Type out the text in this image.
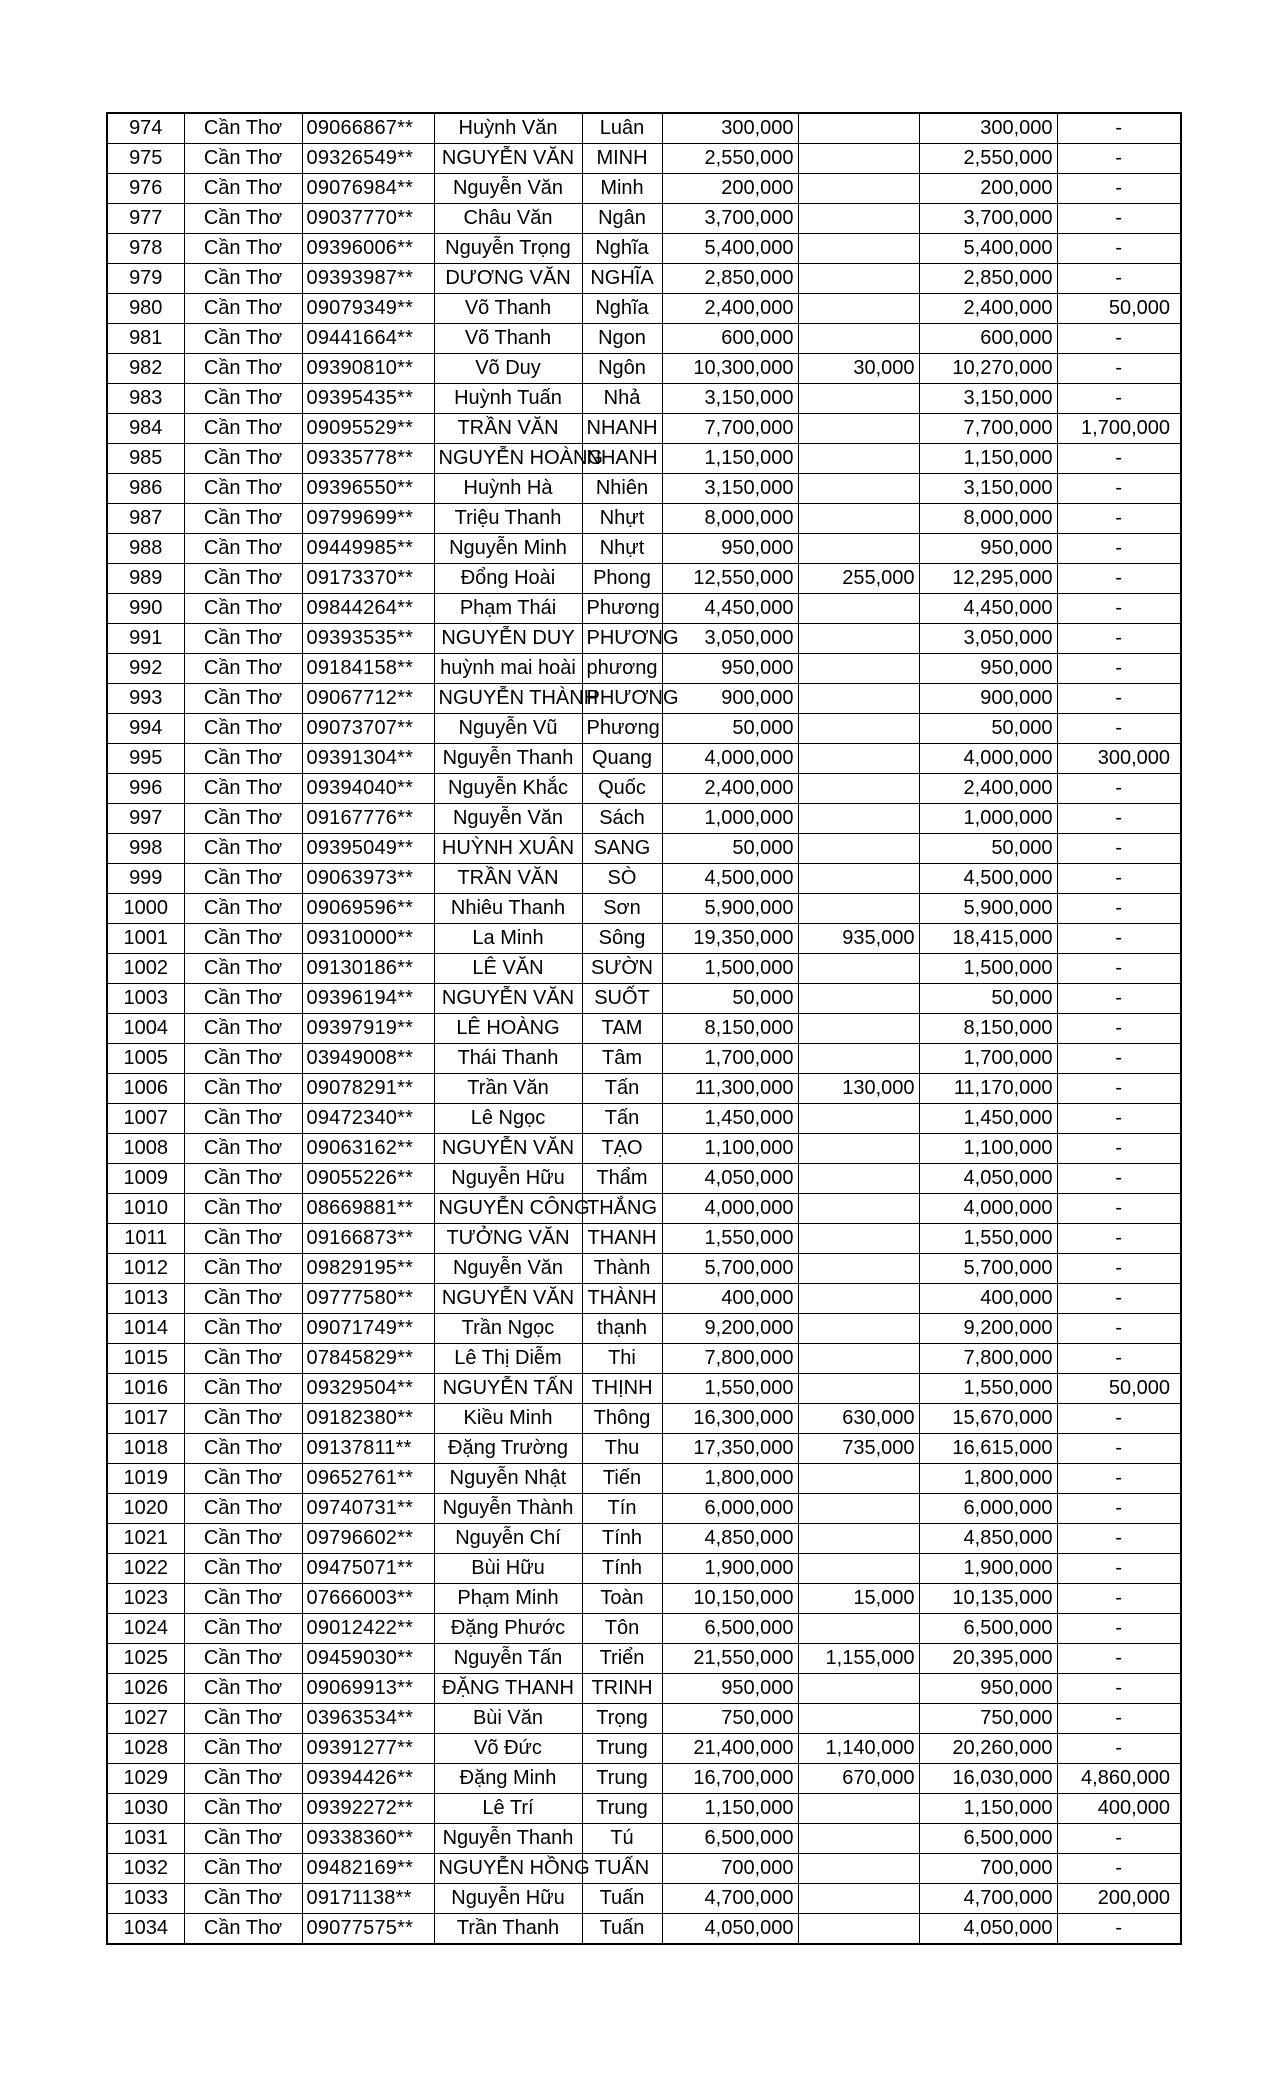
974	Cần Thơ	09066867**	Huỳnh Văn	Luân	300,000		300,000	-
975	Cần Thơ	09326549**	NGUYỄN VĂN	MINH	2,550,000		2,550,000	-
976	Cần Thơ	09076984**	Nguyễn Văn	Minh	200,000		200,000	-
977	Cần Thơ	09037770**	Châu Văn	Ngân	3,700,000		3,700,000	-
978	Cần Thơ	09396006**	Nguyễn Trọng	Nghĩa	5,400,000		5,400,000	-
979	Cần Thơ	09393987**	DƯƠNG VĂN	NGHĨA	2,850,000		2,850,000	-
980	Cần Thơ	09079349**	Võ Thanh	Nghĩa	2,400,000		2,400,000	50,000
981	Cần Thơ	09441664**	Võ Thanh	Ngon	600,000		600,000	-
982	Cần Thơ	09390810**	Võ Duy	Ngôn	10,300,000	30,000	10,270,000	-
983	Cần Thơ	09395435**	Huỳnh Tuấn	Nhả	3,150,000		3,150,000	-
984	Cần Thơ	09095529**	TRẦN VĂN	NHANH	7,700,000		7,700,000	1,700,000
985	Cần Thơ	09335778**	NGUYỄN HOÀNG	NHANH	1,150,000		1,150,000	-
986	Cần Thơ	09396550**	Huỳnh Hà	Nhiên	3,150,000		3,150,000	-
987	Cần Thơ	09799699**	Triệu Thanh	Nhựt	8,000,000		8,000,000	-
988	Cần Thơ	09449985**	Nguyễn Minh	Nhựt	950,000		950,000	-
989	Cần Thơ	09173370**	Đổng Hoài	Phong	12,550,000	255,000	12,295,000	-
990	Cần Thơ	09844264**	Phạm Thái	Phương	4,450,000		4,450,000	-
991	Cần Thơ	09393535**	NGUYỄN DUY	PHƯƠNG	3,050,000		3,050,000	-
992	Cần Thơ	09184158**	huỳnh mai hoài	phương	950,000		950,000	-
993	Cần Thơ	09067712**	NGUYỄN THÀNH	PHƯƠNG	900,000		900,000	-
994	Cần Thơ	09073707**	Nguyễn Vũ	Phương	50,000		50,000	-
995	Cần Thơ	09391304**	Nguyễn Thanh	Quang	4,000,000		4,000,000	300,000
996	Cần Thơ	09394040**	Nguyễn Khắc	Quốc	2,400,000		2,400,000	-
997	Cần Thơ	09167776**	Nguyễn Văn	Sách	1,000,000		1,000,000	-
998	Cần Thơ	09395049**	HUỲNH XUÂN	SANG	50,000		50,000	-
999	Cần Thơ	09063973**	TRẦN VĂN	SÒ	4,500,000		4,500,000	-
1000	Cần Thơ	09069596**	Nhiêu Thanh	Sơn	5,900,000		5,900,000	-
1001	Cần Thơ	09310000**	La Minh	Sông	19,350,000	935,000	18,415,000	-
1002	Cần Thơ	09130186**	LÊ VĂN	SƯỜN	1,500,000		1,500,000	-
1003	Cần Thơ	09396194**	NGUYỄN VĂN	SUỐT	50,000		50,000	-
1004	Cần Thơ	09397919**	LÊ HOÀNG	TAM	8,150,000		8,150,000	-
1005	Cần Thơ	03949008**	Thái Thanh	Tâm	1,700,000		1,700,000	-
1006	Cần Thơ	09078291**	Trần Văn	Tấn	11,300,000	130,000	11,170,000	-
1007	Cần Thơ	09472340**	Lê Ngọc	Tấn	1,450,000		1,450,000	-
1008	Cần Thơ	09063162**	NGUYỄN VĂN	TẠO	1,100,000		1,100,000	-
1009	Cần Thơ	09055226**	Nguyễn Hữu	Thẩm	4,050,000		4,050,000	-
1010	Cần Thơ	08669881**	NGUYỄN CÔNG	THẮNG	4,000,000		4,000,000	-
1011	Cần Thơ	09166873**	TƯỞNG VĂN	THANH	1,550,000		1,550,000	-
1012	Cần Thơ	09829195**	Nguyễn Văn	Thành	5,700,000		5,700,000	-
1013	Cần Thơ	09777580**	NGUYỄN VĂN	THÀNH	400,000		400,000	-
1014	Cần Thơ	09071749**	Trần Ngọc	thạnh	9,200,000		9,200,000	-
1015	Cần Thơ	07845829**	Lê Thị Diễm	Thi	7,800,000		7,800,000	-
1016	Cần Thơ	09329504**	NGUYỄN TẤN	THỊNH	1,550,000		1,550,000	50,000
1017	Cần Thơ	09182380**	Kiều Minh	Thông	16,300,000	630,000	15,670,000	-
1018	Cần Thơ	09137811**	Đặng Trường	Thu	17,350,000	735,000	16,615,000	-
1019	Cần Thơ	09652761**	Nguyễn Nhật	Tiến	1,800,000		1,800,000	-
1020	Cần Thơ	09740731**	Nguyễn Thành	Tín	6,000,000		6,000,000	-
1021	Cần Thơ	09796602**	Nguyễn Chí	Tính	4,850,000		4,850,000	-
1022	Cần Thơ	09475071**	Bùi Hữu	Tính	1,900,000		1,900,000	-
1023	Cần Thơ	07666003**	Phạm Minh	Toàn	10,150,000	15,000	10,135,000	-
1024	Cần Thơ	09012422**	Đặng Phước	Tôn	6,500,000		6,500,000	-
1025	Cần Thơ	09459030**	Nguyễn Tấn	Triển	21,550,000	1,155,000	20,395,000	-
1026	Cần Thơ	09069913**	ĐẶNG THANH	TRINH	950,000		950,000	-
1027	Cần Thơ	03963534**	Bùi Văn	Trọng	750,000		750,000	-
1028	Cần Thơ	09391277**	Võ Đức	Trung	21,400,000	1,140,000	20,260,000	-
1029	Cần Thơ	09394426**	Đặng Minh	Trung	16,700,000	670,000	16,030,000	4,860,000
1030	Cần Thơ	09392272**	Lê Trí	Trung	1,150,000		1,150,000	400,000
1031	Cần Thơ	09338360**	Nguyễn Thanh	Tú	6,500,000		6,500,000	-
1032	Cần Thơ	09482169**	NGUYỄN HỒNG	TUẤN	700,000		700,000	-
1033	Cần Thơ	09171138**	Nguyễn Hữu	Tuấn	4,700,000		4,700,000	200,000
1034	Cần Thơ	09077575**	Trần Thanh	Tuấn	4,050,000		4,050,000	-
